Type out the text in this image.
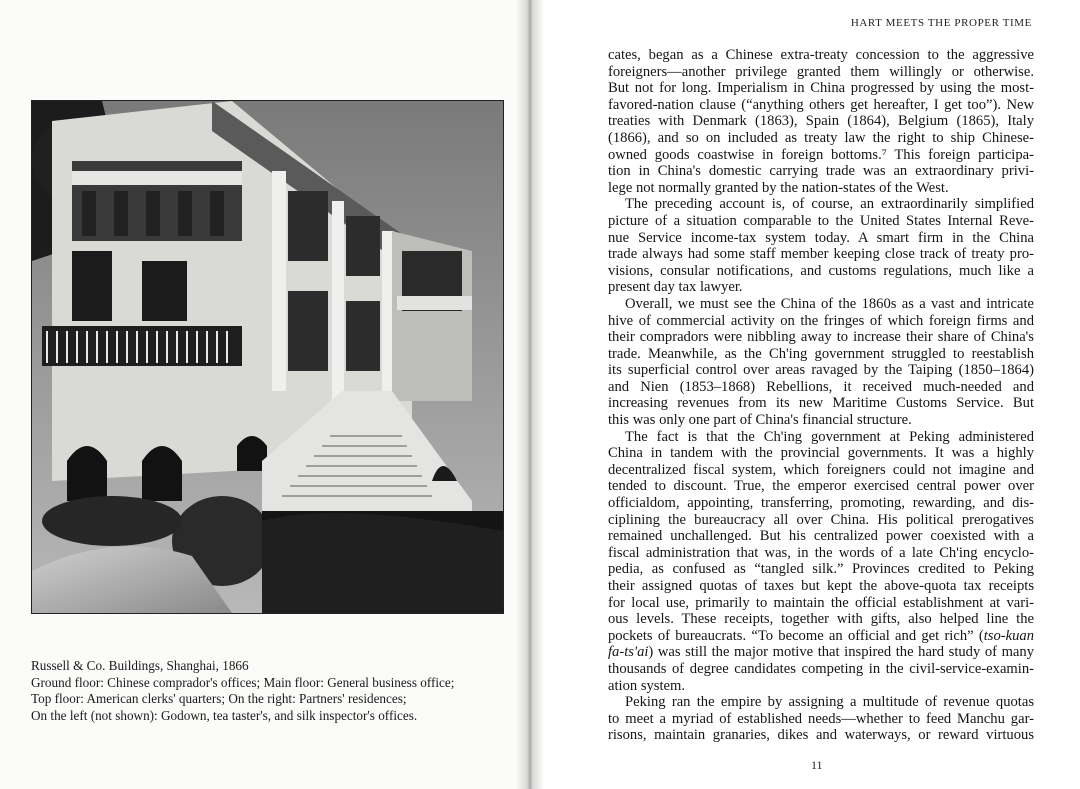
Russell & Co. Buildings, Shanghai, 1866
Ground floor: Chinese comprador's offices; Main floor: General business office;
Top floor: American clerks' quarters; On the right: Partners' residences;
On the left (not shown): Godown, tea taster's, and silk inspector's offices.
HART MEETS THE PROPER TIME
cates, began as a Chinese extra-treaty concession to the aggressive
foreigners—another privilege granted them willingly or otherwise.
But not for long. Imperialism in China progressed by using the most-
favored-nation clause (“anything others get hereafter, I get too”). New
treaties with Denmark (1863), Spain (1864), Belgium (1865), Italy
(1866), and so on included as treaty law the right to ship Chinese-
owned goods coastwise in foreign bottoms.⁷ This foreign participa-
tion in China's domestic carrying trade was an extraordinary privi-
lege not normally granted by the nation-states of the West.
The preceding account is, of course, an extraordinarily simplified
picture of a situation comparable to the United States Internal Reve-
nue Service income-tax system today. A smart firm in the China
trade always had some staff member keeping close track of treaty pro-
visions, consular notifications, and customs regulations, much like a
present day tax lawyer.
Overall, we must see the China of the 1860s as a vast and intricate
hive of commercial activity on the fringes of which foreign firms and
their compradors were nibbling away to increase their share of China's
trade. Meanwhile, as the Ch'ing government struggled to reestablish
its superficial control over areas ravaged by the Taiping (1850–1864)
and Nien (1853–1868) Rebellions, it received much-needed and
increasing revenues from its new Maritime Customs Service. But
this was only one part of China's financial structure.
The fact is that the Ch'ing government at Peking administered
China in tandem with the provincial governments. It was a highly
decentralized fiscal system, which foreigners could not imagine and
tended to discount. True, the emperor exercised central power over
officialdom, appointing, transferring, promoting, rewarding, and dis-
ciplining the bureaucracy all over China. His political prerogatives
remained unchallenged. But his centralized power coexisted with a
fiscal administration that was, in the words of a late Ch'ing encyclo-
pedia, as confused as “tangled silk.” Provinces credited to Peking
their assigned quotas of taxes but kept the above-quota tax receipts
for local use, primarily to maintain the official establishment at vari-
ous levels. These receipts, together with gifts, also helped line the
pockets of bureaucrats. “To become an official and get rich” (tso-kuan
fa-ts'ai) was still the major motive that inspired the hard study of many
thousands of degree candidates competing in the civil-service-examin-
ation system.
Peking ran the empire by assigning a multitude of revenue quotas
to meet a myriad of established needs—whether to feed Manchu gar-
risons, maintain granaries, dikes and waterways, or reward virtuous
11
